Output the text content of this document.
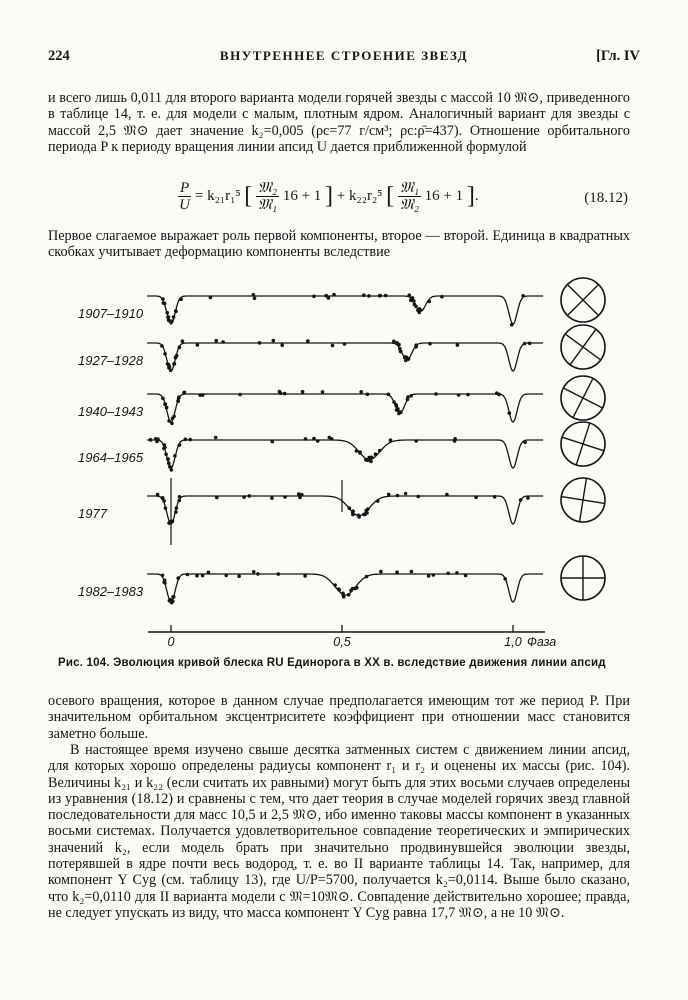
224	ВНУТРЕННЕЕ СТРОЕНИЕ ЗВЕЗД	[Гл. IV

и всего лишь 0,011 для второго варианта модели горячей звезды с массой 10 𝔐⊙, приведенного в таблице 14, т. е. для модели с малым, плотным ядром. Аналогичный вариант для звезды с массой 2,5 𝔐⊙ дает значение k₂=0,005 (ρc=77 г/см³; ρc:ρ̄=437). Отношение орбитального периода P к периоду вращения линии апсид U дается приближенной формулой

$\frac{P}{U} = k_{21}r_1^5$ [ $\frac{\text{𝔐₂}}{\text{𝔐₁}} 16 + 1$ ] + k₂₂r₂⁵ [ $\frac{\text{𝔐₁}}{\text{𝔐₂}} 16 + 1$ ].	(18.12)

Первое слагаемое выражает роль первой компоненты, второе — второй. Единица в квадратных скобках учитывает деформацию компоненты вследствие

1907–1910
1927–1928
1940–1943
1964–1965
1977
1982–1983
0	0,5	1,0 Фаза
Рис. 104. Эволюция кривой блеска RU Единорога в XX в. вследствие движения линии апсид

осевого вращения, которое в данном случае предполагается имеющим тот же период P. При значительном орбитальном эксцентриситете коэффициент при отношении масс становится заметно больше.

В настоящее время изучено свыше десятка затменных систем с движением линии апсид, для которых хорошо определены радиусы компонент r₁ и r₂ и оценены их массы (рис. 104). Величины k₂₁ и k₂₂ (если считать их равными) могут быть для этих восьми случаев определены из уравнения (18.12) и сравнены с тем, что дает теория в случае моделей горячих звезд главной последовательности для масс 10,5 и 2,5 𝔐⊙, ибо именно таковы массы компонент в указанных восьми системах. Получается удовлетворительное совпадение теоретических и эмпирических значений k₂, если модель брать при значительно продвинувшейся эволюции звезды, потерявшей в ядре почти весь водород, т. е. во II варианте таблицы 14. Так, например, для компонент Y Cyg (см. таблицу 13), где U/P=5700, получается k₂=0,0114. Выше было сказано, что k₂=0,0110 для II варианта модели с 𝔐=10𝔐⊙. Совпадение действительно хорошее; правда, не следует упускать из виду, что масса компонент Y Cyg равна 17,7 𝔐⊙, а не 10 𝔐⊙.
